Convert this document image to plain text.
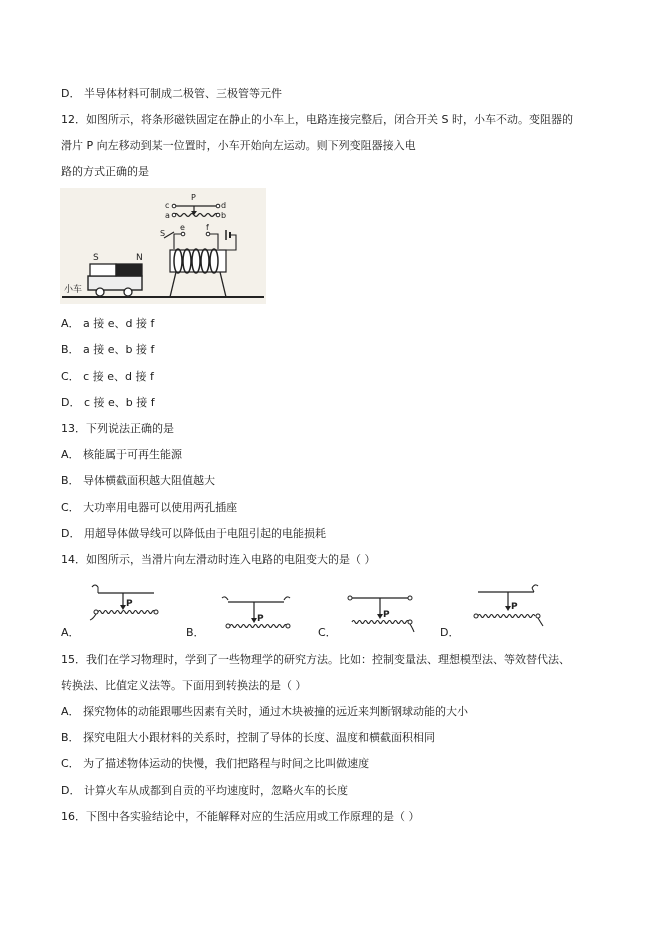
D． 半导体材料可制成二极管、三极管等元件
12．如图所示，将条形磁铁固定在静止的小车上，电路连接完整后，闭合开关 S 时，小车不动。变阻器的
滑片 P 向左移动到某一位置时，小车开始向左运动。则下列变阻器接入电
路的方式正确的是
小车
S	N
S
P
c	d
a	b
e	f
A． a 接 e、d 接 f
B． a 接 e、b 接 f
C． c 接 e、d 接 f
D． c 接 e、b 接 f
13．下列说法正确的是
A． 核能属于可再生能源
B． 导体横截面积越大阻值越大
C． 大功率用电器可以使用两孔插座
D． 用超导体做导线可以降低由于电阻引起的电能损耗
14．如图所示，当滑片向左滑动时连入电路的电阻变大的是（ ）
A．
P
B．
P
C．
P
D．
P
15．我们在学习物理时，学到了一些物理学的研究方法。比如：控制变量法、理想模型法、等效替代法、
转换法、比值定义法等。下面用到转换法的是（ ）
A． 探究物体的动能跟哪些因素有关时，通过木块被撞的远近来判断钢球动能的大小
B． 探究电阻大小跟材料的关系时，控制了导体的长度、温度和横截面积相同
C． 为了描述物体运动的快慢，我们把路程与时间之比叫做速度
D． 计算火车从成都到自贡的平均速度时，忽略火车的长度
16．下图中各实验结论中，不能解释对应的生活应用或工作原理的是（ ）
